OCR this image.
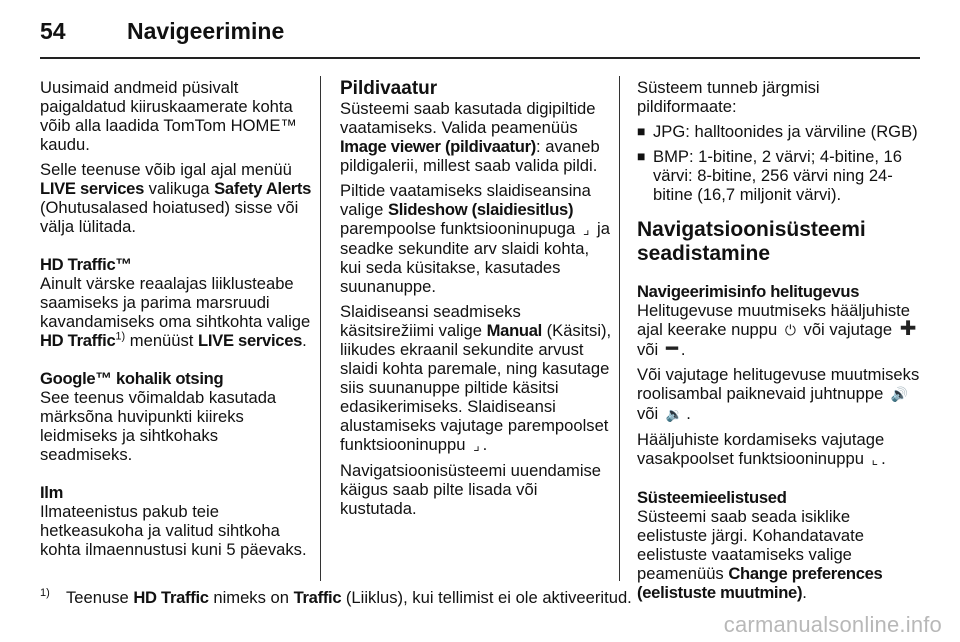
54	Navigeerimine

Uusimaid andmeid püsivalt paigaldatud kiiruskaamerate kohta võib alla laadida TomTom HOME™ kaudu.

Selle teenuse võib igal ajal menüü LIVE services valikuga Safety Alerts (Ohutusalased hoiatused) sisse või välja lülitada.

HD Traffic™

Ainult värske reaalajas liiklusteabe saamiseks ja parima marsruudi kavandamiseks oma sihtkohta valige HD Traffic$^{1)}$ menüüst LIVE services.

Google™ kohalik otsing

See teenus võimaldab kasutada märksõna huvipunkti kiireks leidmiseks ja sihtkohaks seadmiseks.

Ilm

Ilmateenistus pakub teie hetkeasukoha ja valitud sihtkoha kohta ilmaennustusi kuni 5 päevaks.

Pildivaatur

Süsteemi saab kasutada digipiltide vaatamiseks. Valida peamenüüs Image viewer (pildivaatur): avaneb pildigalerii, millest saab valida pildi.

Piltide vaatamiseks slaidiseansina valige Slideshow (slaidiesitlus) parempoolse funktsiooninupuga ⌟ ja seadke sekundite arv slaidi kohta, kui seda küsitakse, kasutades suunanuppe.

Slaidiseansi seadmiseks käsitsirežiimi valige Manual (Käsitsi), liikudes ekraanil sekundite arvust slaidi kohta paremale, ning kasutage siis suunanuppe piltide käsitsi edasikerimiseks. Slaidiseansi alustamiseks vajutage parempoolset funktsiooninuppu ⌟ .

Navigatsioonisüsteemi uuendamise käigus saab pilte lisada või kustutada.

Süsteem tunneb järgmisi pildiformaate:

■ JPG: halltoonides ja värviline (RGB)
■ BMP: 1-bitine, 2 värvi; 4-bitine, 16 värvi: 8-bitine, 256 värvi ning 24-bitine (16,7 miljonit värvi).
Navigatsioonisüsteemi seadistamine
Navigeerimisinfo helitugevus

Helitugevuse muutmiseks hääljuhiste ajal keerake nuppu ⏻ või vajutage ✚ või ━ .

Või vajutage helitugevuse muutmiseks roolisambal paiknevaid juhtnuppe 🔊 või 🔉 .

Hääljuhiste kordamiseks vajutage vasakpoolset funktsiooninuppu ⌞ .

Süsteemieelistused

Süsteemi saab seada isiklike eelistuste järgi. Kohandatavate eelistuste vaatamiseks valige peamenüüs Change preferences (eelistuste muutmine).

1) Teenuse HD Traffic nimeks on Traffic (Liiklus), kui tellimist ei ole aktiveeritud.
carmanualsonline.info
